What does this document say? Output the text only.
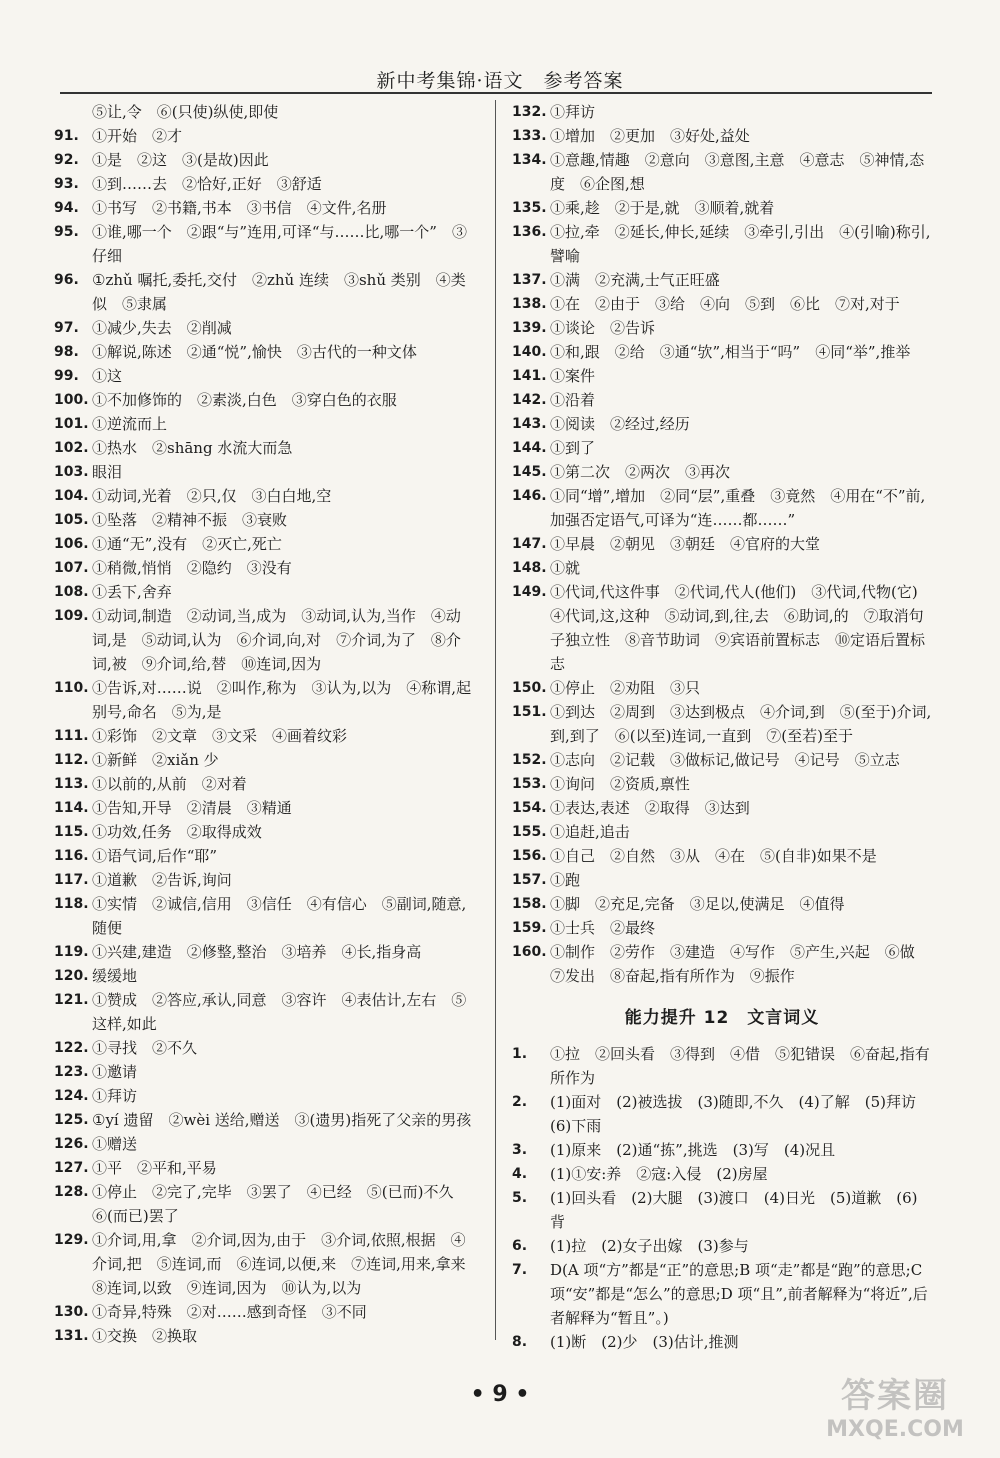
新中考集锦·语文　参考答案
⑤让,令　⑥(只使)纵使,即使
91. ①开始　②才
92. ①是　②这　③(是故)因此
93. ①到……去　②恰好,正好　③舒适
94. ①书写　②书籍,书本　③书信　④文件,名册
95. ①谁,哪一个　②跟“与”连用,可译“与……比,哪一个”　③仔细
96. ①zhǔ 嘱托,委托,交付　②zhǔ 连续　③shǔ 类别　④类似　⑤隶属
97. ①减少,失去　②削减
98. ①解说,陈述　②通“悦”,愉快　③古代的一种文体
99. ①这
100. ①不加修饰的　②素淡,白色　③穿白色的衣服
101. ①逆流而上
102. ①热水　②shāng 水流大而急
103. 眼泪
104. ①动词,光着　②只,仅　③白白地,空
105. ①坠落　②精神不振　③衰败
106. ①通“无”,没有　②灭亡,死亡
107. ①稍微,悄悄　②隐约　③没有
108. ①丢下,舍弃
109. ①动词,制造　②动词,当,成为　③动词,认为,当作　④动词,是　⑤动词,认为　⑥介词,向,对　⑦介词,为了　⑧介词,被　⑨介词,给,替　⑩连词,因为
110. ①告诉,对……说　②叫作,称为　③认为,以为　④称谓,起别号,命名　⑤为,是
111. ①彩饰　②文章　③文采　④画着纹彩
112. ①新鲜　②xiǎn 少
113. ①以前的,从前　②对着
114. ①告知,开导　②清晨　③精通
115. ①功效,任务　②取得成效
116. ①语气词,后作“耶”
117. ①道歉　②告诉,询问
118. ①实情　②诚信,信用　③信任　④有信心　⑤副词,随意,随便
119. ①兴建,建造　②修整,整治　③培养　④长,指身高
120. 缓缓地
121. ①赞成　②答应,承认,同意　③容许　④表估计,左右　⑤这样,如此
122. ①寻找　②不久
123. ①邀请
124. ①拜访
125. ①yí 遗留　②wèi 送给,赠送　③(遗男)指死了父亲的男孩
126. ①赠送
127. ①平　②平和,平易
128. ①停止　②完了,完毕　③罢了　④已经　⑤(已而)不久　⑥(而已)罢了
129. ①介词,用,拿　②介词,因为,由于　③介词,依照,根据　④介词,把　⑤连词,而　⑥连词,以便,来　⑦连词,用来,拿来　⑧连词,以致　⑨连词,因为　⑩认为,以为
130. ①奇异,特殊　②对……感到奇怪　③不同
131. ①交换　②换取
132. ①拜访
133. ①增加　②更加　③好处,益处
134. ①意趣,情趣　②意向　③意图,主意　④意志　⑤神情,态度　⑥企图,想
135. ①乘,趁　②于是,就　③顺着,就着
136. ①拉,牵　②延长,伸长,延续　③牵引,引出　④(引喻)称引,譬喻
137. ①满　②充满,士气正旺盛
138. ①在　②由于　③给　④向　⑤到　⑥比　⑦对,对于
139. ①谈论　②告诉
140. ①和,跟　②给　③通“欤”,相当于“吗”　④同“举”,推举
141. ①案件
142. ①沿着
143. ①阅读　②经过,经历
144. ①到了
145. ①第二次　②两次　③再次
146. ①同“增”,增加　②同“层”,重叠　③竟然　④用在“不”前,加强否定语气,可译为“连……都……”
147. ①早晨　②朝见　③朝廷　④官府的大堂
148. ①就
149. ①代词,代这件事　②代词,代人(他们)　③代词,代物(它)　④代词,这,这种　⑤动词,到,往,去　⑥助词,的　⑦取消句子独立性　⑧音节助词　⑨宾语前置标志　⑩定语后置标志
150. ①停止　②劝阻　③只
151. ①到达　②周到　③达到极点　④介词,到　⑤(至于)介词,到,到了　⑥(以至)连词,一直到　⑦(至若)至于
152. ①志向　②记载　③做标记,做记号　④记号　⑤立志
153. ①询问　②资质,禀性
154. ①表达,表述　②取得　③达到
155. ①追赶,追击
156. ①自己　②自然　③从　④在　⑤(自非)如果不是
157. ①跑
158. ①脚　②充足,完备　③足以,使满足　④值得
159. ①士兵　②最终
160. ①制作　②劳作　③建造　④写作　⑤产生,兴起　⑥做　⑦发出　⑧奋起,指有所作为　⑨振作
能力提升 12　文言词义
1. ①拉　②回头看　③得到　④借　⑤犯错误　⑥奋起,指有所作为
2. (1)面对　(2)被选拔　(3)随即,不久　(4)了解　(5)拜访　(6)下雨
3. (1)原来　(2)通“拣”,挑选　(3)写　(4)况且
4. (1)①安:养　②寇:入侵　(2)房屋
5. (1)回头看　(2)大腿　(3)渡口　(4)日光　(5)道歉　(6)背
6. (1)拉　(2)女子出嫁　(3)参与
7. D(A 项“方”都是“正”的意思;B 项“走”都是“跑”的意思;C 项“安”都是“怎么”的意思;D 项“且”,前者解释为“将近”,后者解释为“暂且”。)
8. (1)断　(2)少　(3)估计,推测
• 9 •	答案圈
MXQE.COM
